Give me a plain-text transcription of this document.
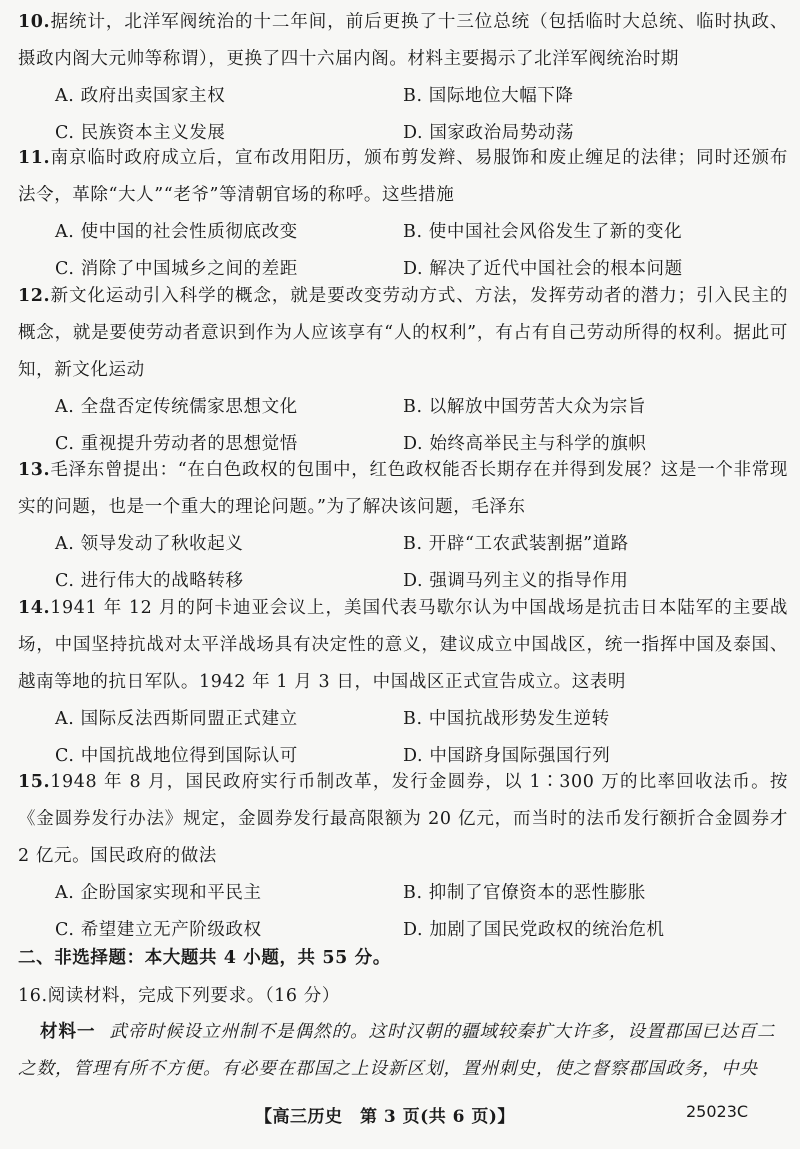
10.据统计，北洋军阀统治的十二年间，前后更换了十三位总统（包括临时大总统、临时执政、摄政内阁大元帅等称谓），更换了四十六届内阁。材料主要揭示了北洋军阀统治时期

A. 政府出卖国家主权	B. 国际地位大幅下降
C. 民族资本主义发展	D. 国家政治局势动荡

11.南京临时政府成立后，宣布改用阳历，颁布剪发辫、易服饰和废止缠足的法律；同时还颁布法令，革除“大人”“老爷”等清朝官场的称呼。这些措施

A. 使中国的社会性质彻底改变	B. 使中国社会风俗发生了新的变化
C. 消除了中国城乡之间的差距	D. 解决了近代中国社会的根本问题

12.新文化运动引入科学的概念，就是要改变劳动方式、方法，发挥劳动者的潜力；引入民主的概念，就是要使劳动者意识到作为人应该享有“人的权利”，有占有自己劳动所得的权利。据此可知，新文化运动

A. 全盘否定传统儒家思想文化	B. 以解放中国劳苦大众为宗旨
C. 重视提升劳动者的思想觉悟	D. 始终高举民主与科学的旗帜

13.毛泽东曾提出：“在白色政权的包围中，红色政权能否长期存在并得到发展？这是一个非常现实的问题，也是一个重大的理论问题。”为了解决该问题，毛泽东

A. 领导发动了秋收起义	B. 开辟“工农武装割据”道路
C. 进行伟大的战略转移	D. 强调马列主义的指导作用

14.1941 年 12 月的阿卡迪亚会议上，美国代表马歇尔认为中国战场是抗击日本陆军的主要战场，中国坚持抗战对太平洋战场具有决定性的意义，建议成立中国战区，统一指挥中国及泰国、越南等地的抗日军队。1942 年 1 月 3 日，中国战区正式宣告成立。这表明

A. 国际反法西斯同盟正式建立	B. 中国抗战形势发生逆转
C. 中国抗战地位得到国际认可	D. 中国跻身国际强国行列

15.1948 年 8 月，国民政府实行币制改革，发行金圆券，以 1∶300 万的比率回收法币。按《金圆券发行办法》规定，金圆券发行最高限额为 20 亿元，而当时的法币发行额折合金圆券才 2 亿元。国民政府的做法

A. 企盼国家实现和平民主	B. 抑制了官僚资本的恶性膨胀
C. 希望建立无产阶级政权	D. 加剧了国民党政权的统治危机
二、非选择题：本大题共 4 小题，共 55 分。

16.阅读材料，完成下列要求。（16 分）

材料一 武帝时候设立州制不是偶然的。这时汉朝的疆域较秦扩大许多，设置郡国已达百二之数，管理有所不方便。有必要在郡国之上设新区划，置州刺史，使之督察郡国政务，中央
【高三历史　第 3 页(共 6 页)】	25023C
